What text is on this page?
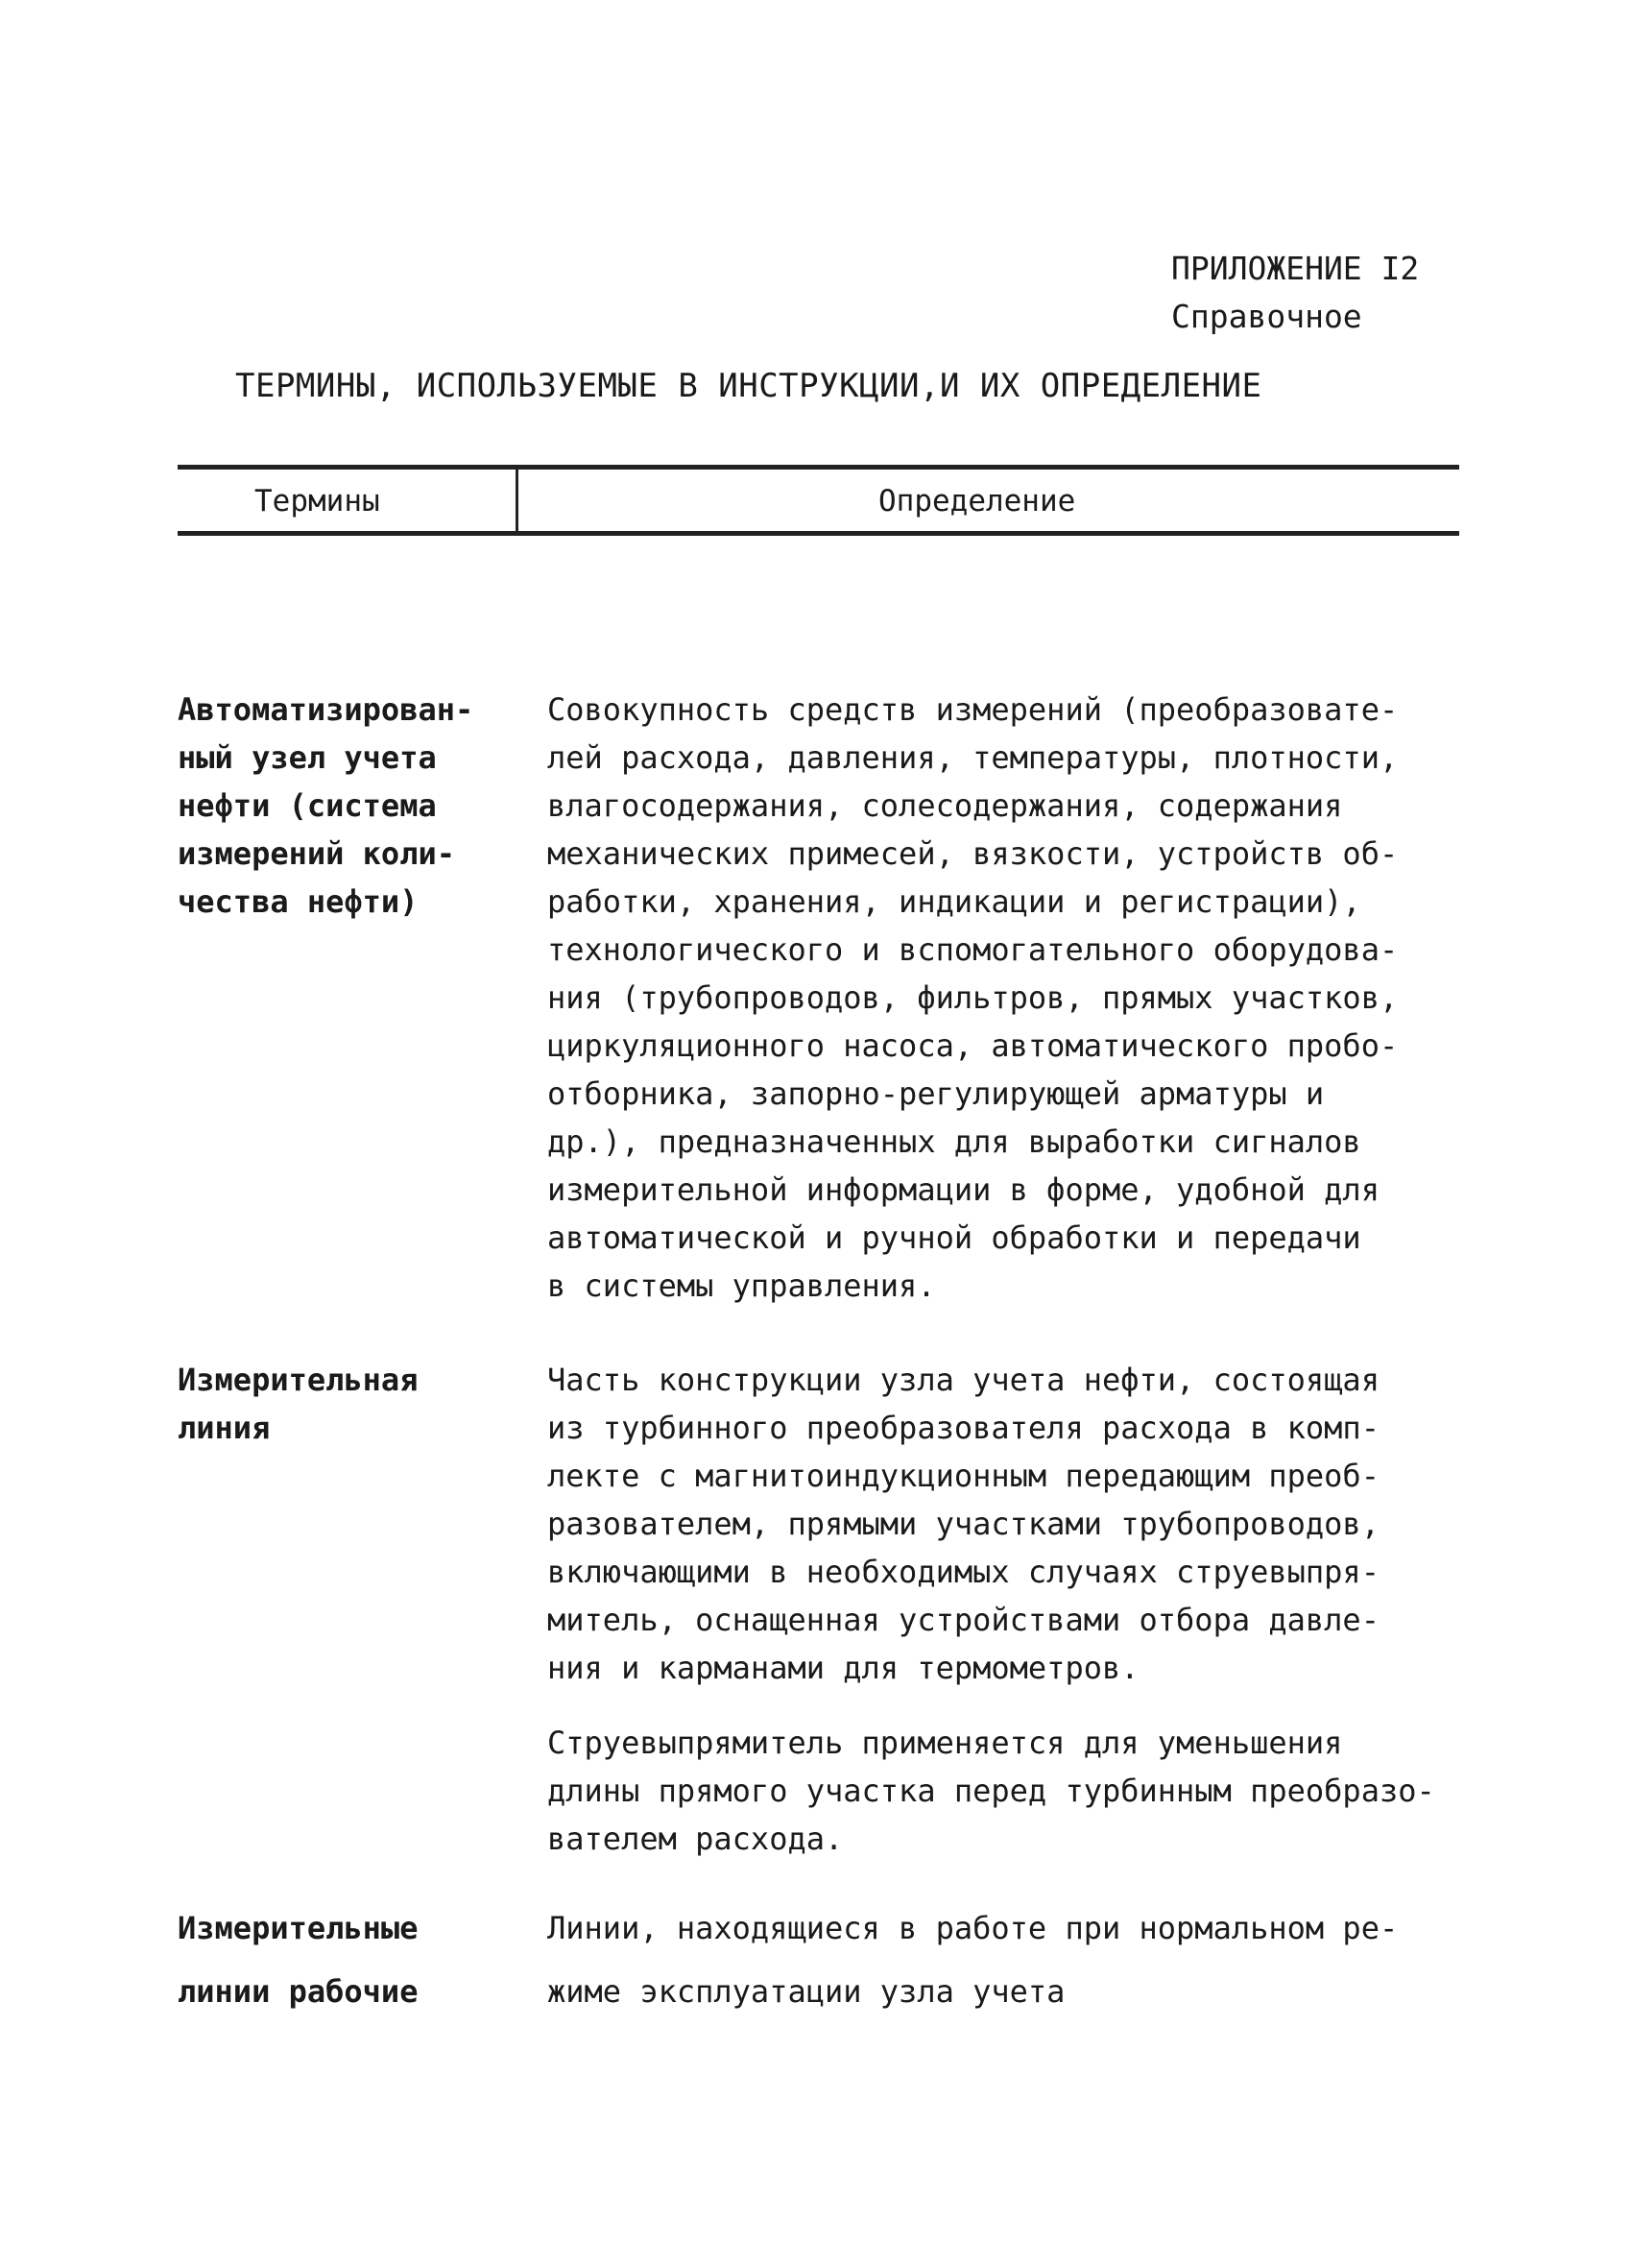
ПРИЛОЖЕНИЕ I2
Справочное
ТЕРМИНЫ, ИСПОЛЬЗУЕМЫЕ В ИНСТРУКЦИИ,И ИХ ОПРЕДЕЛЕНИЕ
Термины	Определение
Автоматизирован-
ный узел учета
нефти (система
измерений коли-
чества нефти)
Совокупность средств измерений (преобразовате-
лей расхода, давления, температуры, плотности,
влагосодержания, солесодержания, содержания
механических примесей, вязкости, устройств об-
работки, хранения, индикации и регистрации),
технологического и вспомогательного оборудова-
ния (трубопроводов, фильтров, прямых участков,
циркуляционного насоса, автоматического пробо-
отборника, запорно-регулирующей арматуры и
др.), предназначенных для выработки сигналов
измерительной информации в форме, удобной для
автоматической и ручной обработки и передачи
в системы управления.
Измерительная
линия
Часть конструкции узла учета нефти, состоящая
из турбинного преобразователя расхода в комп-
лекте с магнитоиндукционным передающим преоб-
разователем, прямыми участками трубопроводов,
включающими в необходимых случаях струевыпря-
митель, оснащенная устройствами отбора давле-
ния и карманами для термометров.
Струевыпрямитель применяется для уменьшения
длины прямого участка перед турбинным преобразо-
вателем расхода.
Измерительные
линии рабочие
Линии, находящиеся в работе при нормальном ре-
жиме эксплуатации узла учета
